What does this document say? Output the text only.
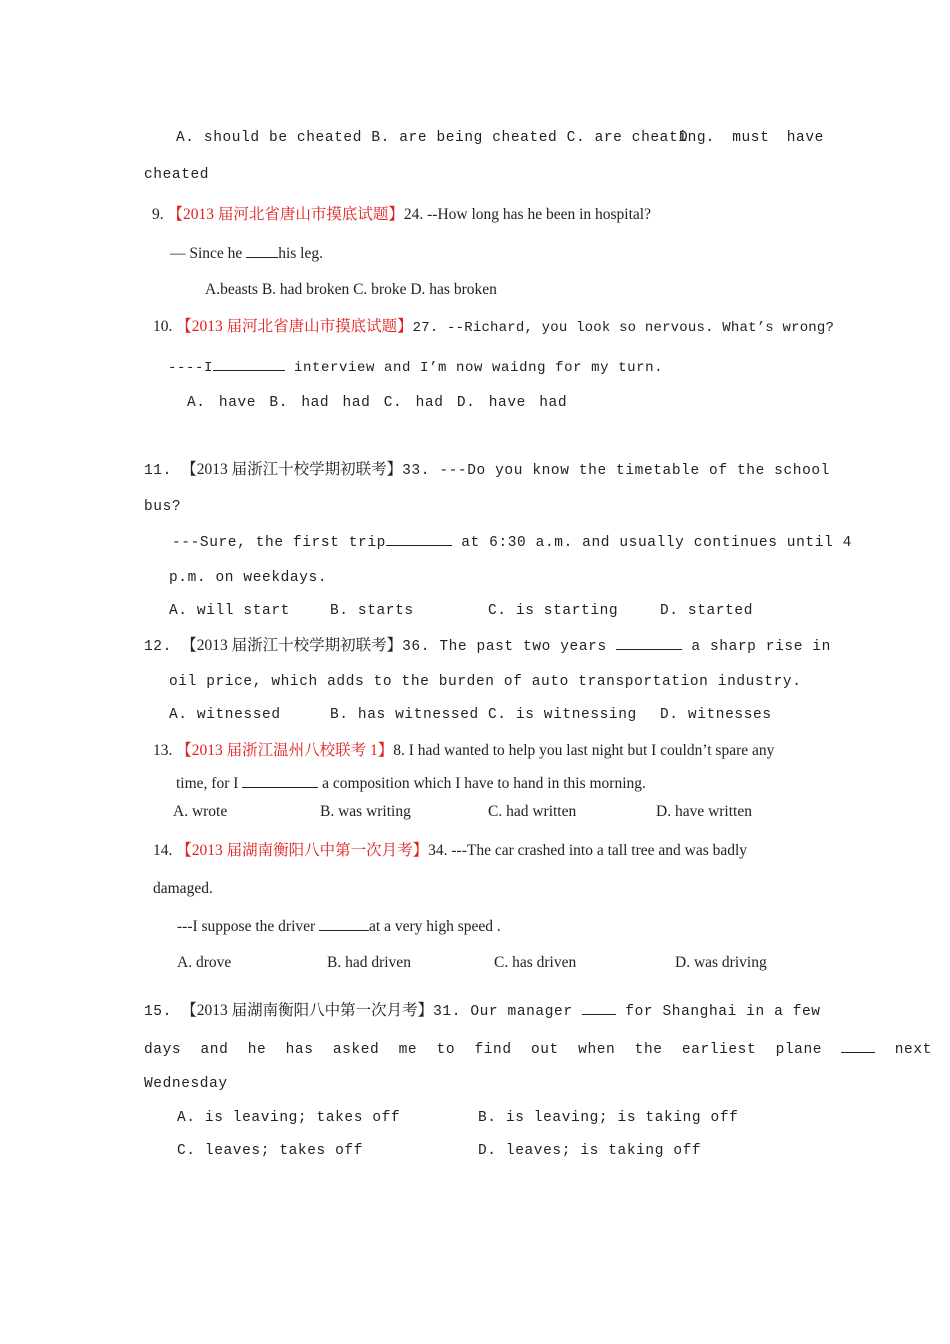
A. should be cheated B. are being cheated C. are cheating
D . must have
cheated
9. 【2013 届河北省唐山市摸底试题】24. --How long has he been in hospital?
— Since he his leg.
A.beasts B. had broken C. broke D. has broken
10. 【2013 届河北省唐山市摸底试题】27. --Richard, you look so nervous. What’s wrong?
----I	interview and I’m now waidng for my turn.
A. have B. had had C. had D. have had
11. 【2013 届浙江十校学期初联考】33. ---Do you know the timetable of the school
bus?
---Sure, the first trip	at 6:30 a.m. and usually continues until 4
p.m. on weekdays.
A. will start	B. starts	C. is starting	D. started
12. 【2013 届浙江十校学期初联考】36. The past two years	a sharp rise in
oil price, which adds to the burden of auto transportation industry.
A. witnessed	B. has witnessed C. is witnessing D. witnesses
13. 【2013 届浙江温州八校联考 1】8. I had wanted to help you last night but I couldn’t spare any
time, for I	a composition which I have to hand in this morning.
A. wrote	B. was writing	C. had written	D. have written
14. 【2013 届湖南衡阳八中第一次月考】34. ---The car crashed into a tall tree and was badly
damaged.
---I suppose the driver	at a very high speed .
A. drove	B. had driven	C. has driven	D. was driving
15. 【2013 届湖南衡阳八中第一次月考】31. Our manager	for Shanghai in a few
days and he has asked me to find out when the earliest plane	next
Wednesday
A. is leaving; takes off	B. is leaving; is taking off
C. leaves; takes off	D. leaves; is taking off
